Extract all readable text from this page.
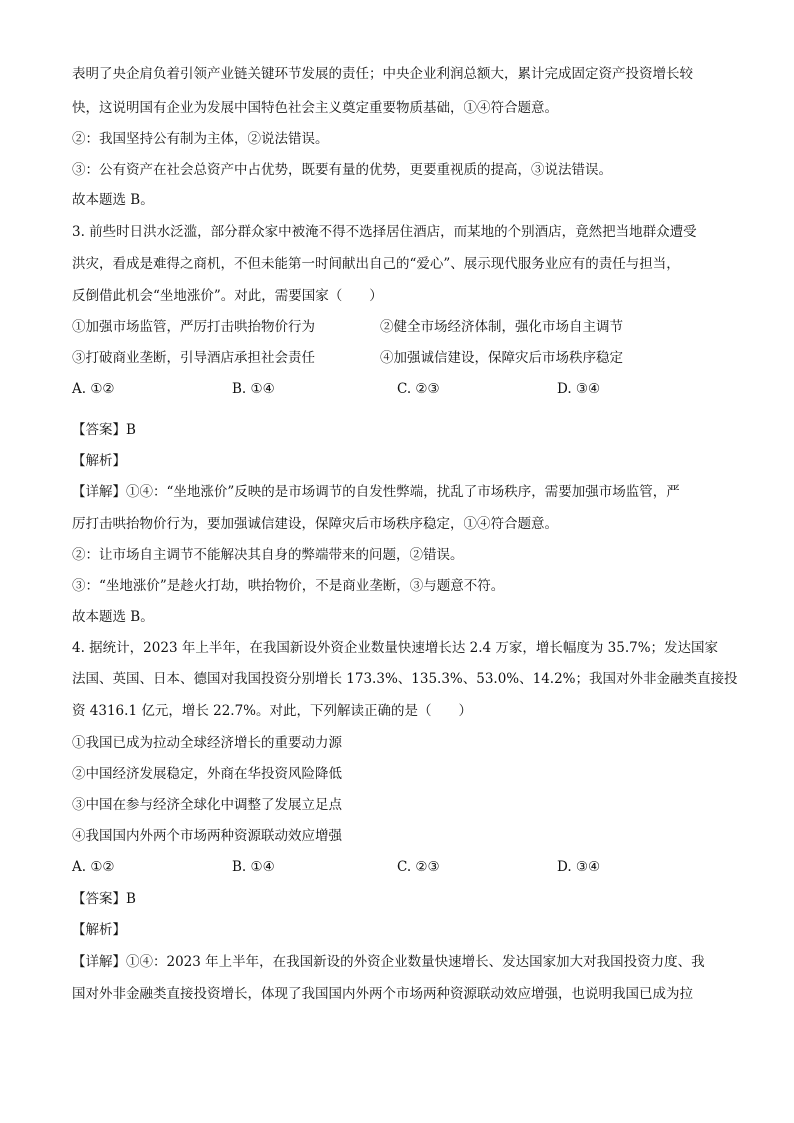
表明了央企肩负着引领产业链关键环节发展的责任；中央企业利润总额大，累计完成固定资产投资增长较
快，这说明国有企业为发展中国特色社会主义奠定重要物质基础，①④符合题意。
②：我国坚持公有制为主体，②说法错误。
③：公有资产在社会总资产中占优势，既要有量的优势，更要重视质的提高，③说法错误。
故本题选 B。
3. 前些时日洪水泛滥，部分群众家中被淹不得不选择居住酒店，而某地的个别酒店，竟然把当地群众遭受
洪灾，看成是难得之商机，不但未能第一时间献出自己的“爱心”、展示现代服务业应有的责任与担当，
反倒借此机会“坐地涨价”。对此，需要国家（　　）
①加强市场监管，严厉打击哄抬物价行为	②健全市场经济体制，强化市场自主调节
③打破商业垄断，引导酒店承担社会责任	④加强诚信建设，保障灾后市场秩序稳定
A. ①②	B. ①④	C. ②③	D. ③④
【答案】B
【解析】
【详解】①④：“坐地涨价”反映的是市场调节的自发性弊端，扰乱了市场秩序，需要加强市场监管，严
厉打击哄抬物价行为，要加强诚信建设，保障灾后市场秩序稳定，①④符合题意。
②：让市场自主调节不能解决其自身的弊端带来的问题，②错误。
③：“坐地涨价”是趁火打劫，哄抬物价，不是商业垄断，③与题意不符。
故本题选 B。
4. 据统计，2023 年上半年，在我国新设外资企业数量快速增长达 2.4 万家，增长幅度为 35.7%；发达国家
法国、英国、日本、德国对我国投资分别增长 173.3%、135.3%、53.0%、14.2%；我国对外非金融类直接投
资 4316.1 亿元，增长 22.7%。对此，下列解读正确的是（　　）
①我国已成为拉动全球经济增长的重要动力源
②中国经济发展稳定，外商在华投资风险降低
③中国在参与经济全球化中调整了发展立足点
④我国国内外两个市场两种资源联动效应增强
A. ①②	B. ①④	C. ②③	D. ③④
【答案】B
【解析】
【详解】①④：2023 年上半年，在我国新设的外资企业数量快速增长、发达国家加大对我国投资力度、我
国对外非金融类直接投资增长，体现了我国国内外两个市场两种资源联动效应增强，也说明我国已成为拉
